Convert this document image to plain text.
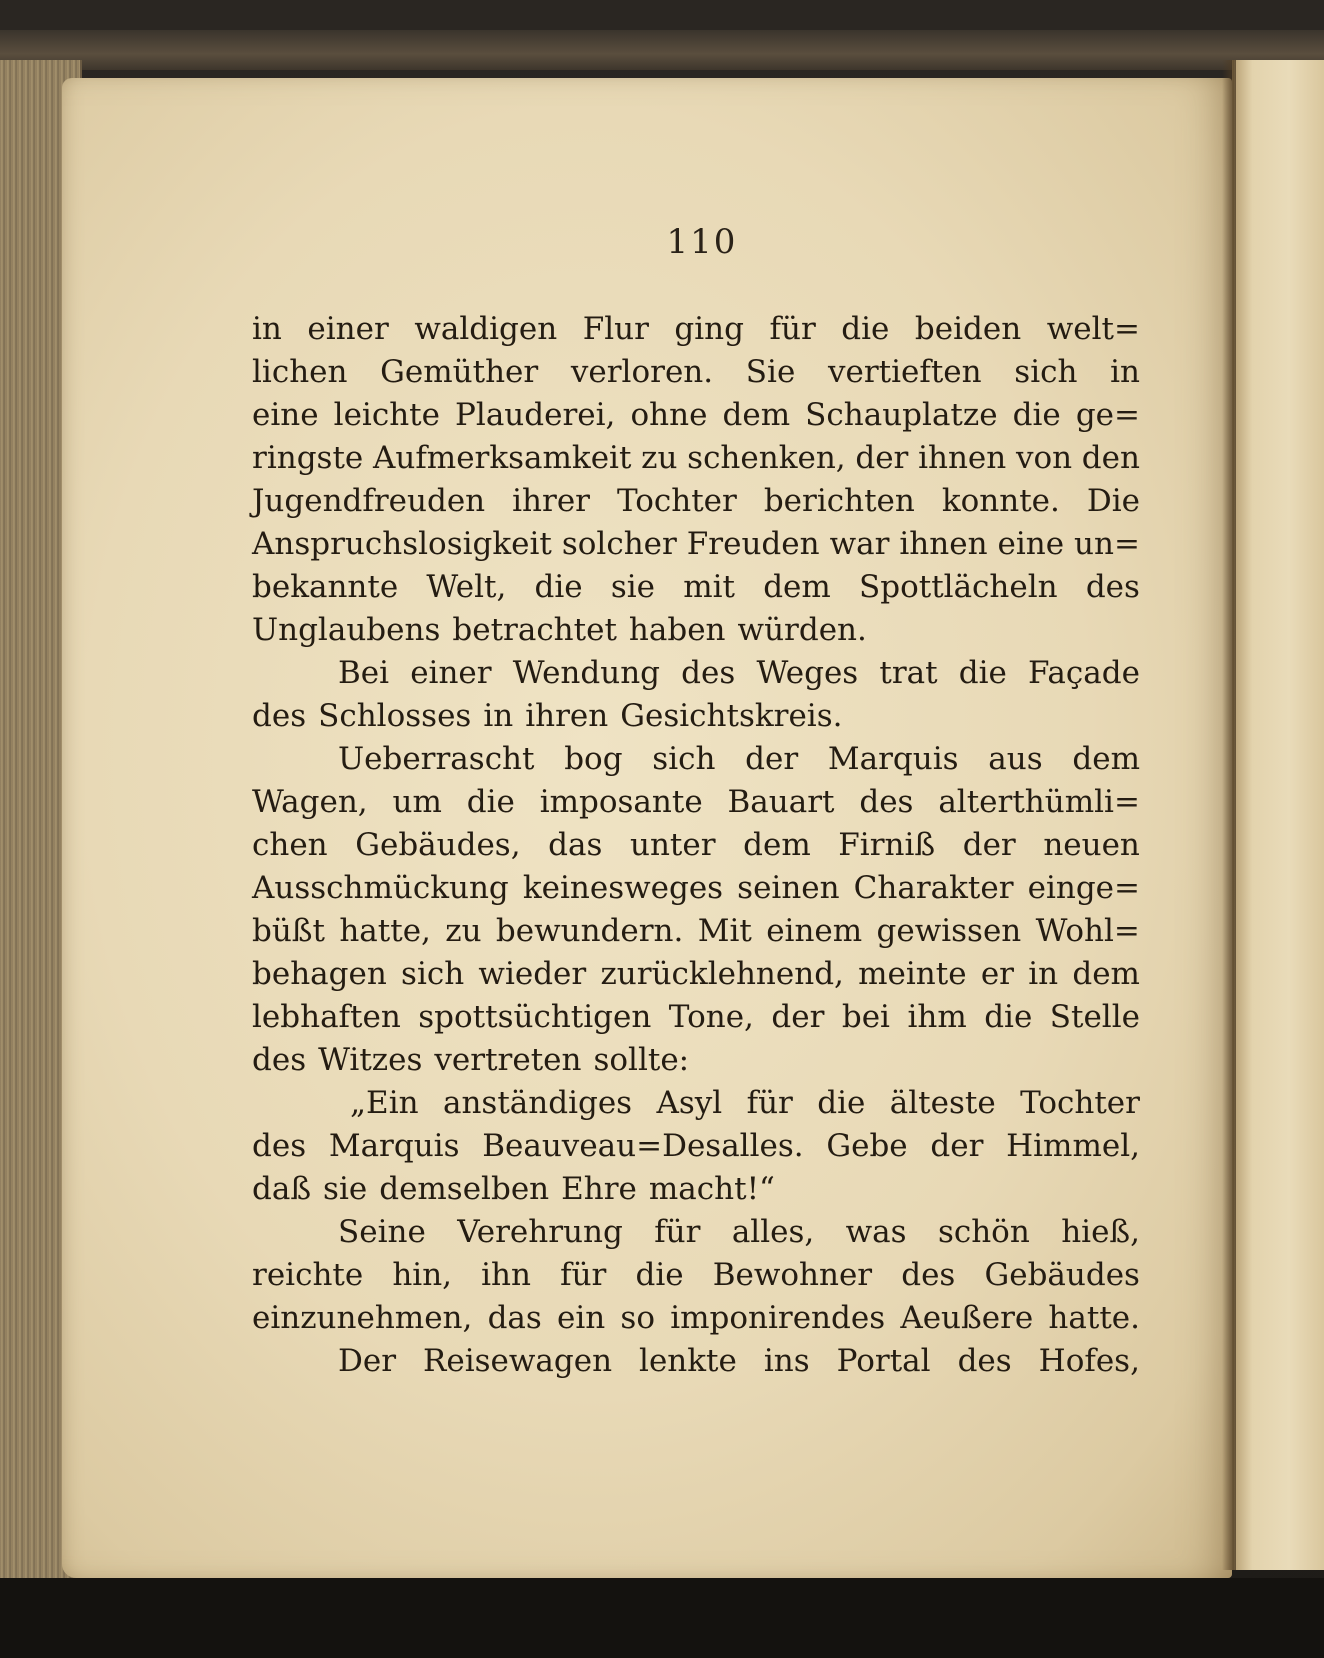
110
in einer waldigen Flur ging für die beiden welt=
lichen Gemüther verloren. Sie vertieften sich in
eine leichte Plauderei, ohne dem Schauplatze die ge=
ringste Aufmerksamkeit zu schenken, der ihnen von den
Jugendfreuden ihrer Tochter berichten konnte. Die
Anspruchslosigkeit solcher Freuden war ihnen eine un=
bekannte Welt, die sie mit dem Spottlächeln des
Unglaubens betrachtet haben würden.
Bei einer Wendung des Weges trat die Façade
des Schlosses in ihren Gesichtskreis.
Ueberrascht bog sich der Marquis aus dem
Wagen, um die imposante Bauart des alterthümli=
chen Gebäudes, das unter dem Firniß der neuen
Ausschmückung keinesweges seinen Charakter einge=
büßt hatte, zu bewundern. Mit einem gewissen Wohl=
behagen sich wieder zurücklehnend, meinte er in dem
lebhaften spottsüchtigen Tone, der bei ihm die Stelle
des Witzes vertreten sollte:
„Ein anständiges Asyl für die älteste Tochter
des Marquis Beauveau=Desalles. Gebe der Himmel,
daß sie demselben Ehre macht!“
Seine Verehrung für alles, was schön hieß,
reichte hin, ihn für die Bewohner des Gebäudes
einzunehmen, das ein so imponirendes Aeußere hatte.
Der Reisewagen lenkte ins Portal des Hofes,
